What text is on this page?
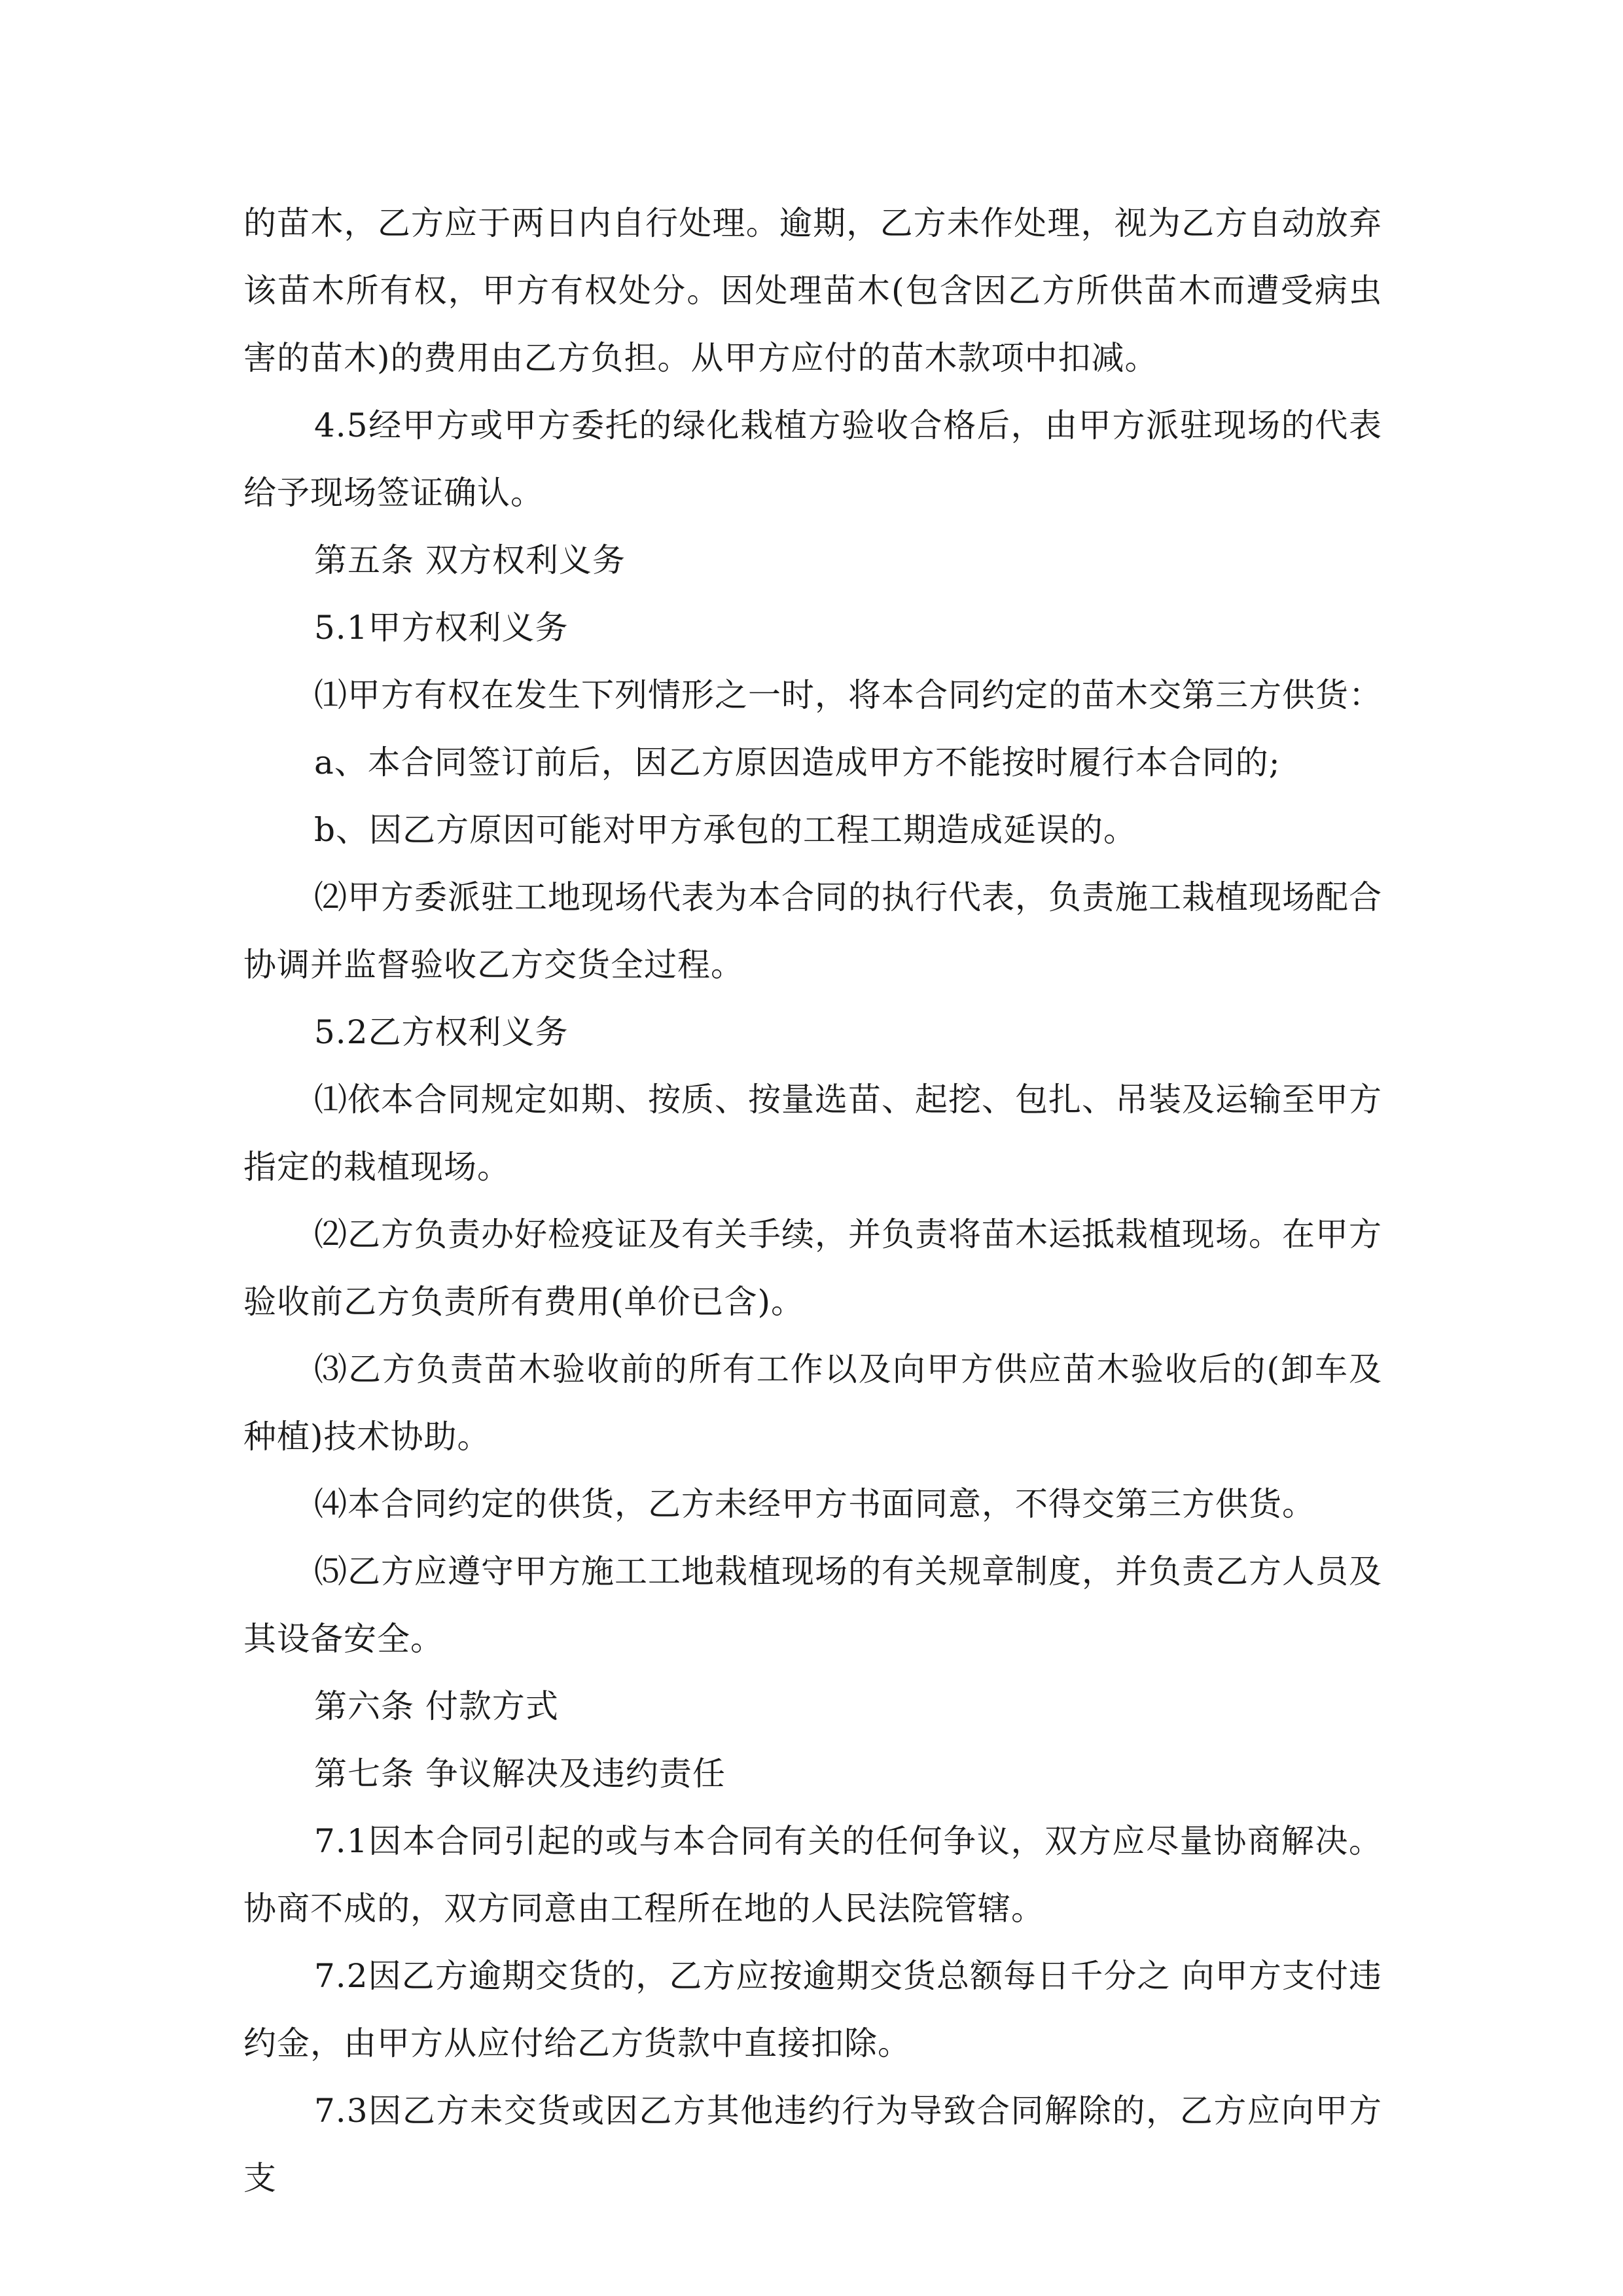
的苗木，乙方应于两日内自行处理。逾期，乙方未作处理，视为乙方自动放弃该苗木所有权，甲方有权处分。因处理苗木(包含因乙方所供苗木而遭受病虫害的苗木)的费用由乙方负担。从甲方应付的苗木款项中扣减。

4.5经甲方或甲方委托的绿化栽植方验收合格后，由甲方派驻现场的代表给予现场签证确认。

第五条 双方权利义务

5.1甲方权利义务

⑴甲方有权在发生下列情形之一时，将本合同约定的苗木交第三方供货：

a、本合同签订前后，因乙方原因造成甲方不能按时履行本合同的;

b、因乙方原因可能对甲方承包的工程工期造成延误的。

⑵甲方委派驻工地现场代表为本合同的执行代表，负责施工栽植现场配合协调并监督验收乙方交货全过程。

5.2乙方权利义务

⑴依本合同规定如期、按质、按量选苗、起挖、包扎、吊装及运输至甲方指定的栽植现场。

⑵乙方负责办好检疫证及有关手续，并负责将苗木运抵栽植现场。在甲方验收前乙方负责所有费用(单价已含)。

⑶乙方负责苗木验收前的所有工作以及向甲方供应苗木验收后的(卸车及种植)技术协助。

⑷本合同约定的供货，乙方未经甲方书面同意，不得交第三方供货。

⑸乙方应遵守甲方施工工地栽植现场的有关规章制度，并负责乙方人员及其设备安全。

第六条 付款方式

第七条 争议解决及违约责任

7.1因本合同引起的或与本合同有关的任何争议，双方应尽量协商解决。协商不成的，双方同意由工程所在地的人民法院管辖。

7.2因乙方逾期交货的，乙方应按逾期交货总额每日千分之 向甲方支付违约金，由甲方从应付给乙方货款中直接扣除。

7.3因乙方未交货或因乙方其他违约行为导致合同解除的，乙方应向甲方支
